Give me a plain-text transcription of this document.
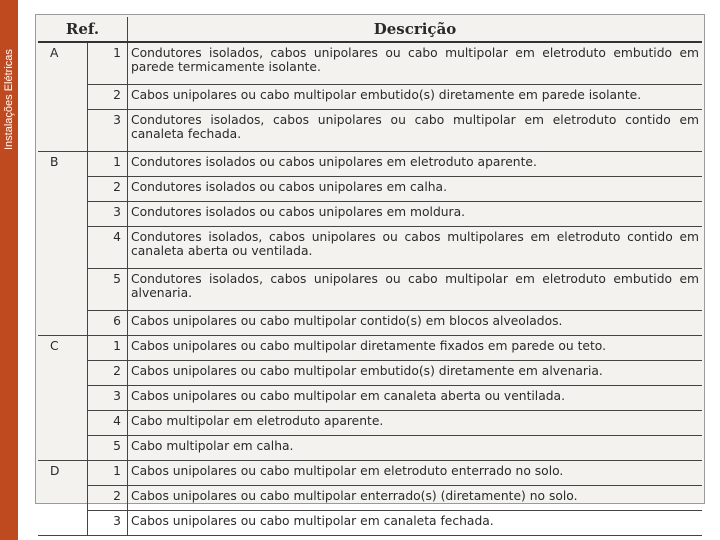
Instalações Elétricas
Ref.		Descrição
A	1	Condutores isolados, cabos unipolares ou cabo multipolar em eletroduto embutido em parede termicamente isolante.
	2	Cabos unipolares ou cabo multipolar embutido(s) diretamente em parede isolante.
	3	Condutores isolados, cabos unipolares ou cabo multipolar em eletroduto contido em canaleta fechada.
B	1	Condutores isolados ou cabos unipolares em eletroduto aparente.
	2	Condutores isolados ou cabos unipolares em calha.
	3	Condutores isolados ou cabos unipolares em moldura.
	4	Condutores isolados, cabos unipolares ou cabos multipolares em eletroduto contido em canaleta aberta ou ventilada.
	5	Condutores isolados, cabos unipolares ou cabo multipolar em eletroduto embutido em alvenaria.
	6	Cabos unipolares ou cabo multipolar contido(s) em blocos alveolados.
C	1	Cabos unipolares ou cabo multipolar diretamente fixados em parede ou teto.
	2	Cabos unipolares ou cabo multipolar embutido(s) diretamente em alvenaria.
	3	Cabos unipolares ou cabo multipolar em canaleta aberta ou ventilada.
	4	Cabo multipolar em eletroduto aparente.
	5	Cabo multipolar em calha.
D	1	Cabos unipolares ou cabo multipolar em eletroduto enterrado no solo.
	2	Cabos unipolares ou cabo multipolar enterrado(s) (diretamente) no solo.
	3	Cabos unipolares ou cabo multipolar em canaleta fechada.
